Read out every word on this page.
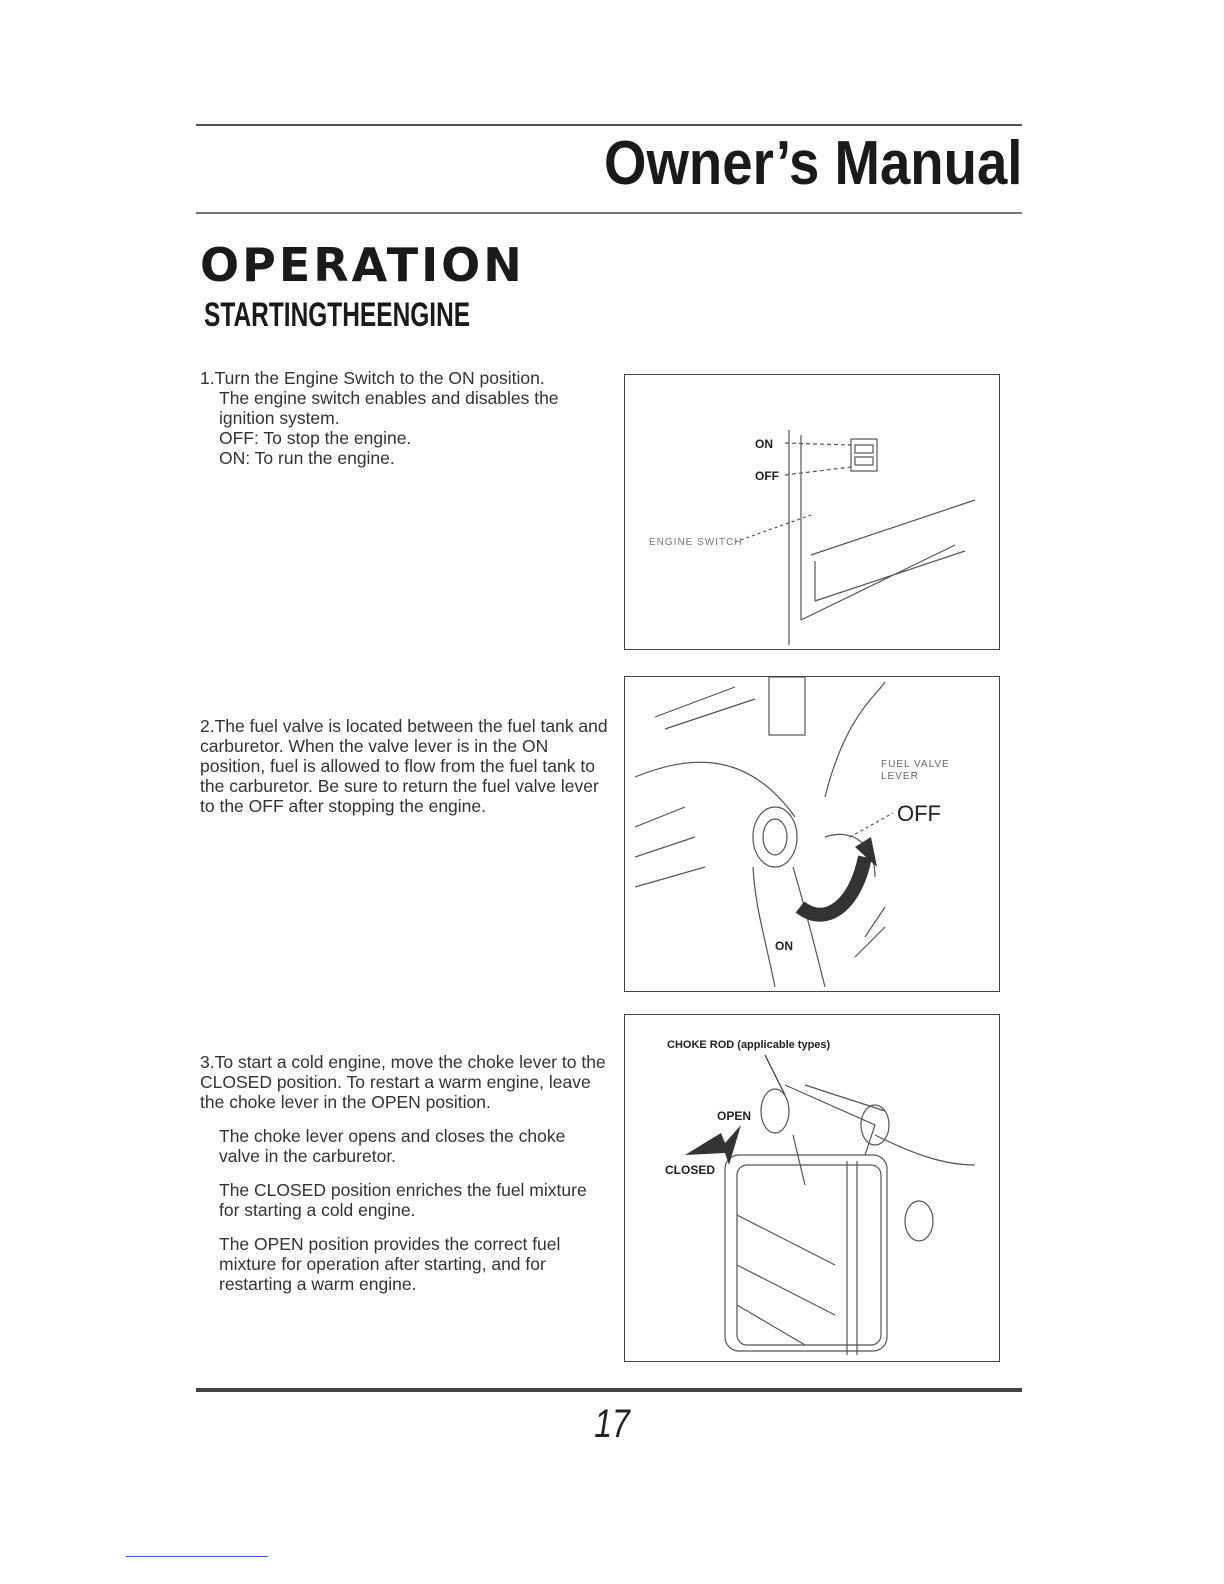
Owner’s Manual
OPERATION
STARTINGTHEENGINE

1.Turn the Engine Switch to the ON position.

The engine switch enables and disables the ignition system.

OFF: To stop the engine.

ON: To run the engine.

ON
OFF
ENGINE SWITCH

2.The fuel valve is located between the fuel tank and carburetor. When the valve lever is in the ON position, fuel is allowed to flow from the fuel tank to the carburetor. Be sure to return the fuel valve lever to the OFF after stopping the engine.

FUEL VALVE LEVER
OFF
ON

3.To start a cold engine, move the choke lever to the CLOSED position. To restart a warm engine, leave the choke lever in the OPEN position.

The choke lever opens and closes the choke valve in the carburetor.

The CLOSED position enriches the fuel mixture for starting a cold engine.

The OPEN position provides the correct fuel mixture for operation after starting, and for restarting a warm engine.

CHOKE ROD (applicable types)
OPEN
CLOSED

17
